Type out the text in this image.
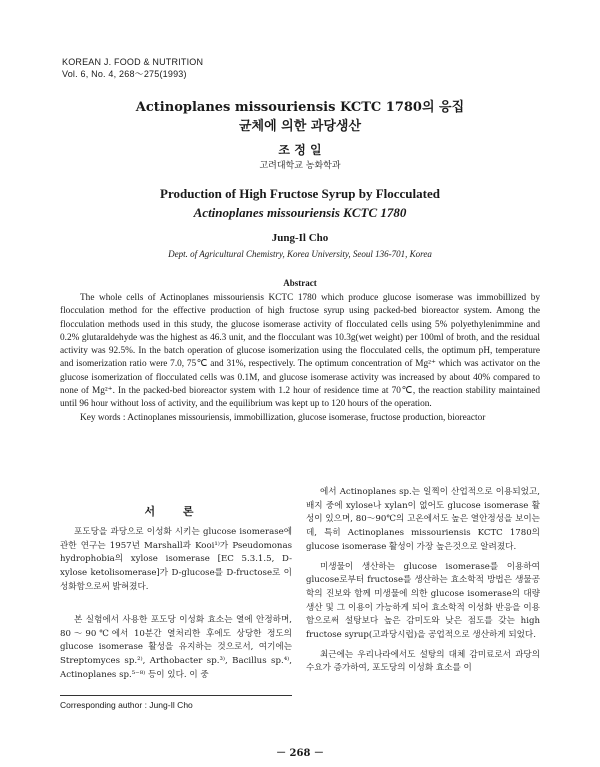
KOREAN J. FOOD & NUTRITION
Vol. 6, No. 4, 268～275(1993)
Actinoplanes missouriensis KCTC 1780의 응집
균체에 의한 과당생산
조 정 일
고려대학교 농화학과
Production of High Fructose Syrup by Flocculated
Actinoplanes missouriensis KCTC 1780
Jung-Il Cho
Dept. of Agricultural Chemistry, Korea University, Seoul 136-701, Korea
Abstract

The whole cells of Actinoplanes missouriensis KCTC 1780 which produce glucose isomerase was immobillized by flocculation method for the effective production of high fructose syrup using packed-bed bioreactor system. Among the flocculation methods used in this study, the glucose isomerase activity of flocculated cells using 5% polyethylenimmine and 0.2% glutaraldehyde was the highest as 46.3 unit, and the flocculant was 10.3g(wet weight) per 100ml of broth, and the residual activity was 92.5%. In the batch operation of glucose isomerization using the flocculated cells, the optimum pH, temperature and isomerization ratio were 7.0, 75℃ and 31%, respectively. The optimum concentration of Mg²⁺ which was activator on the glucose isomerization of flocculated cells was 0.1M, and glucose isomerase activity was increased by about 40% compared to none of Mg²⁺. In the packed-bed bioreactor system with 1.2 hour of residence time at 70℃, the reaction stability maintained until 96 hour without loss of activity, and the equilibrium was kept up to 120 hours of the operation.

Key words : Actinoplanes missouriensis, immobillization, glucose isomerase, fructose production, bioreactor

서 론

포도당을 과당으로 이성화 시키는 glucose isomerase에 관한 연구는 1957년 Marshall과 Kooi¹⁾가 Pseudomonas hydrophobia의 xylose isomerase [EC 5.3.1.5, D-xylose ketolisomerase]가 D-glucose를 D-fructose로 이성화함으로써 밝혀졌다.

본 실험에서 사용한 포도당 이성화 효소는 열에 안정하며, 80～90℃에서 10분간 열처리한 후에도 상당한 정도의 glucose isomerase 활성을 유지하는 것으로서, 여기에는 Streptomyces sp.²⁾, Arthobacter sp.³⁾, Bacillus sp.⁴⁾, Actinoplanes sp.⁵⁻⁸⁾ 등이 있다. 이 중

에서 Actinoplanes sp.는 일찍이 산업적으로 이용되었고, 배지 중에 xylose나 xylan이 없어도 glucose isomerase 활성이 있으며, 80～90℃의 고온에서도 높은 열안정성을 보이는데, 특히 Actinoplanes missouriensis KCTC 1780의 glucose isomerase 활성이 가장 높은것으로 알려졌다.

미생물이 생산하는 glucose isomerase를 이용하여 glucose로부터 fructose를 생산하는 효소학적 방법은 생물공학의 진보와 함께 미생물에 의한 glucose isomerase의 대량 생산 및 그 이용이 가능하게 되어 효소학적 이성화 반응을 이용함으로써 설탕보다 높은 감미도와 낮은 점도를 갖는 high fructose syrup(고과당시럽)을 공업적으로 생산하게 되었다.

최근에는 우리나라에서도 설탕의 대체 감미료로서 과당의 수요가 증가하여, 포도당의 이성화 효소를 이

Corresponding author : Jung-Il Cho
－ 268 －
